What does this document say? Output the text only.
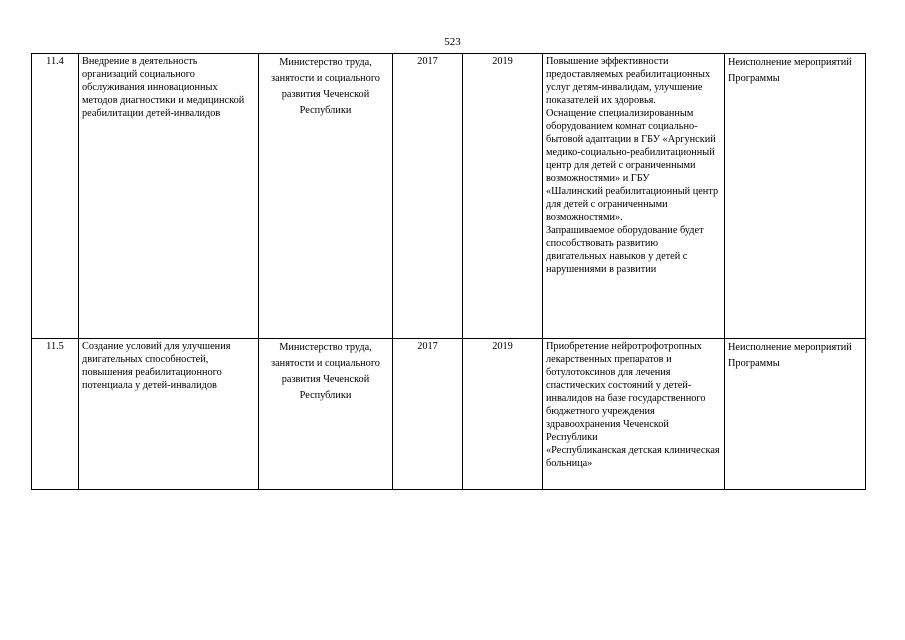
523
11.4	Внедрение в деятельность организаций социального обслуживания инновационных методов диагностики и медицинской реабилитации детей-инвалидов	Министерство труда, занятости и социального развития Чеченской Республики	2017	2019	Повышение эффективности предоставляемых реабилитационных услуг детям-инвалидам, улучшение показателей их здоровья.
Оснащение специализированным оборудованием комнат социально-бытовой адаптации в ГБУ «Аргунский медико-социально-реабилитационный центр для детей с ограниченными возможностями» и ГБУ
«Шалинский реабилитационный центр для детей с ограниченными возможностями».
Запрашиваемое оборудование будет способствовать развитию двигательных навыков у детей с нарушениями в развитии	Неисполнение мероприятий Программы
11.5	Создание условий для улучшения двигательных способностей, повышения реабилитационного потенциала у детей-инвалидов	Министерство труда, занятости и социального развития Чеченской Республики	2017	2019	Приобретение нейротрофотропных лекарственных препаратов и ботулотоксинов для лечения спастических состояний у детей-инвалидов на базе государственного бюджетного учреждения здравоохранения Чеченской Республики
«Республиканская детская клиническая больница»	Неисполнение мероприятий Программы
